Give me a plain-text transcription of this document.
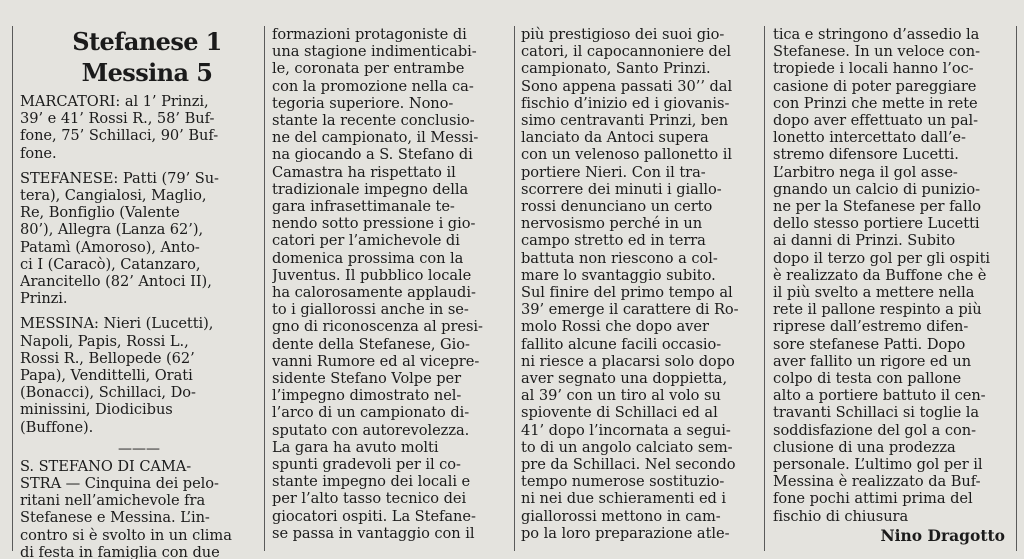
Stefanese 1
Messina 5
MARCATORI: al 1’ Prinzi,
39’ e 41’ Rossi R., 58’ Buf-
fone, 75’ Schillaci, 90’ Buf-
fone.
STEFANESE: Patti (79’ Su-
tera), Cangialosi, Maglio,
Re, Bonfiglio (Valente
80’), Allegra (Lanza 62’),
Patamì (Amoroso), Anto-
ci I (Caracò), Catanzaro,
Arancitello (82’ Antoci II),
Prinzi.
MESSINA: Nieri (Lucetti),
Napoli, Papis, Rossi L.,
Rossi R., Bellopede (62’
Papa), Vendittelli, Orati
(Bonacci), Schillaci, Do-
minissini, Diodicibus
(Buffone).
———
S. STEFANO DI CAMA-
STRA — Cinquina dei pelo-
ritani nell’amichevole fra
Stefanese e Messina. L’in-
contro si è svolto in un clima
di festa in famiglia con due
formazioni protagoniste di
una stagione indimenticabi-
le, coronata per entrambe
con la promozione nella ca-
tegoria superiore. Nono-
stante la recente conclusio-
ne del campionato, il Messi-
na giocando a S. Stefano di
Camastra ha rispettato il
tradizionale impegno della
gara infrasettimanale te-
nendo sotto pressione i gio-
catori per l’amichevole di
domenica prossima con la
Juventus. Il pubblico locale
ha calorosamente applaudi-
to i giallorossi anche in se-
gno di riconoscenza al presi-
dente della Stefanese, Gio-
vanni Rumore ed al vicepre-
sidente Stefano Volpe per
l’impegno dimostrato nel-
l’arco di un campionato di-
sputato con autorevolezza.
La gara ha avuto molti
spunti gradevoli per il co-
stante impegno dei locali e
per l’alto tasso tecnico dei
giocatori ospiti. La Stefane-
se passa in vantaggio con il
più prestigioso dei suoi gio-
catori, il capocannoniere del
campionato, Santo Prinzi.
Sono appena passati 30’’ dal
fischio d’inizio ed i giovanis-
simo centravanti Prinzi, ben
lanciato da Antoci supera
con un velenoso pallonetto il
portiere Nieri. Con il tra-
scorrere dei minuti i giallo-
rossi denunciano un certo
nervosismo perché in un
campo stretto ed in terra
battuta non riescono a col-
mare lo svantaggio subito.
Sul finire del primo tempo al
39’ emerge il carattere di Ro-
molo Rossi che dopo aver
fallito alcune facili occasio-
ni riesce a placarsi solo dopo
aver segnato una doppietta,
al 39’ con un tiro al volo su
spiovente di Schillaci ed al
41’ dopo l’incornata a segui-
to di un angolo calciato sem-
pre da Schillaci. Nel secondo
tempo numerose sostituzio-
ni nei due schieramenti ed i
giallorossi mettono in cam-
po la loro preparazione atle-
tica e stringono d’assedio la
Stefanese. In un veloce con-
tropiede i locali hanno l’oc-
casione di poter pareggiare
con Prinzi che mette in rete
dopo aver effettuato un pal-
lonetto intercettato dall’e-
stremo difensore Lucetti.
L’arbitro nega il gol asse-
gnando un calcio di punizio-
ne per la Stefanese per fallo
dello stesso portiere Lucetti
ai danni di Prinzi. Subito
dopo il terzo gol per gli ospiti
è realizzato da Buffone che è
il più svelto a mettere nella
rete il pallone respinto a più
riprese dall’estremo difen-
sore stefanese Patti. Dopo
aver fallito un rigore ed un
colpo di testa con pallone
alto a portiere battuto il cen-
travanti Schillaci si toglie la
soddisfazione del gol a con-
clusione di una prodezza
personale. L’ultimo gol per il
Messina è realizzato da Buf-
fone pochi attimi prima del
fischio di chiusura
Nino Dragotto
